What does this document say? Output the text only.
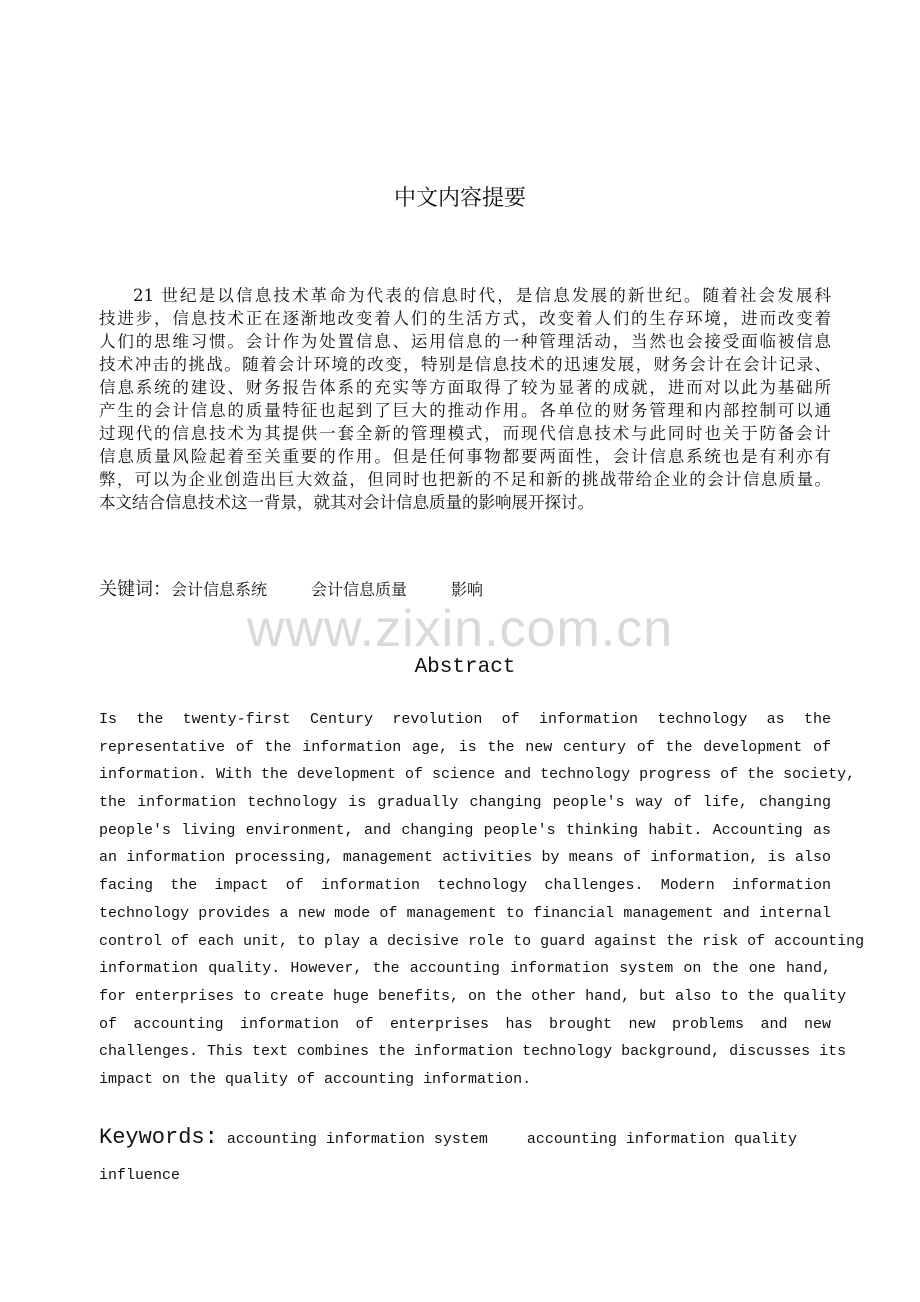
中文内容提要
21 世纪是以信息技术革命为代表的信息时代，是信息发展的新世纪。随着社会发展科
技进步，信息技术正在逐渐地改变着人们的生活方式，改变着人们的生存环境，进而改变着
人们的思维习惯。会计作为处置信息、运用信息的一种管理活动，当然也会接受面临被信息
技术冲击的挑战。随着会计环境的改变，特别是信息技术的迅速发展，财务会计在会计记录、
信息系统的建设、财务报告体系的充实等方面取得了较为显著的成就，进而对以此为基础所
产生的会计信息的质量特征也起到了巨大的推动作用。各单位的财务管理和内部控制可以通
过现代的信息技术为其提供一套全新的管理模式，而现代信息技术与此同时也关于防备会计
信息质量风险起着至关重要的作用。但是任何事物都要两面性，会计信息系统也是有利亦有
弊，可以为企业创造出巨大效益，但同时也把新的不足和新的挑战带给企业的会计信息质量。
本文结合信息技术这一背景，就其对会计信息质量的影响展开探讨。
关键词：会计信息系统	会计信息质量	影响
www.zixin.com.cn
Abstract
Is the twenty-first Century revolution of information technology as the
representative of the information age, is the new century of the development of
information. With the development of science and technology progress of the society,
the information technology is gradually changing people's way of life, changing
people's living environment, and changing people's thinking habit. Accounting as
an information processing, management activities by means of information, is also
facing the impact of information technology challenges. Modern information
technology provides a new mode of management to financial management and internal
control of each unit, to play a decisive role to guard against the risk of accounting
information quality. However, the accounting information system on the one hand,
for enterprises to create huge benefits, on the other hand, but also to the quality
of accounting information of enterprises has brought new problems and new
challenges. This text combines the information technology background, discusses its
impact on the quality of accounting information.
Keywords: accounting information system	accounting information quality
influence
